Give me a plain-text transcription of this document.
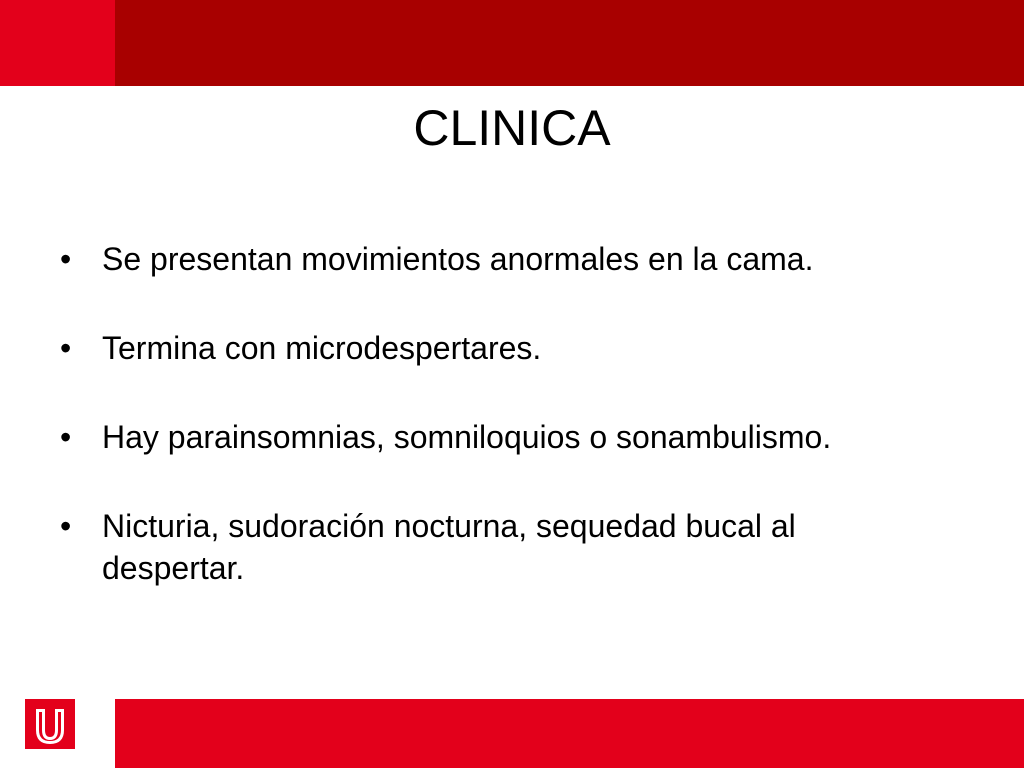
CLINICA
• Se presentan movimientos anormales en la cama.
• Termina con microdespertares.
• Hay parainsomnias, somniloquios o sonambulismo.
• Nicturia, sudoración nocturna, sequedad bucal al despertar.
